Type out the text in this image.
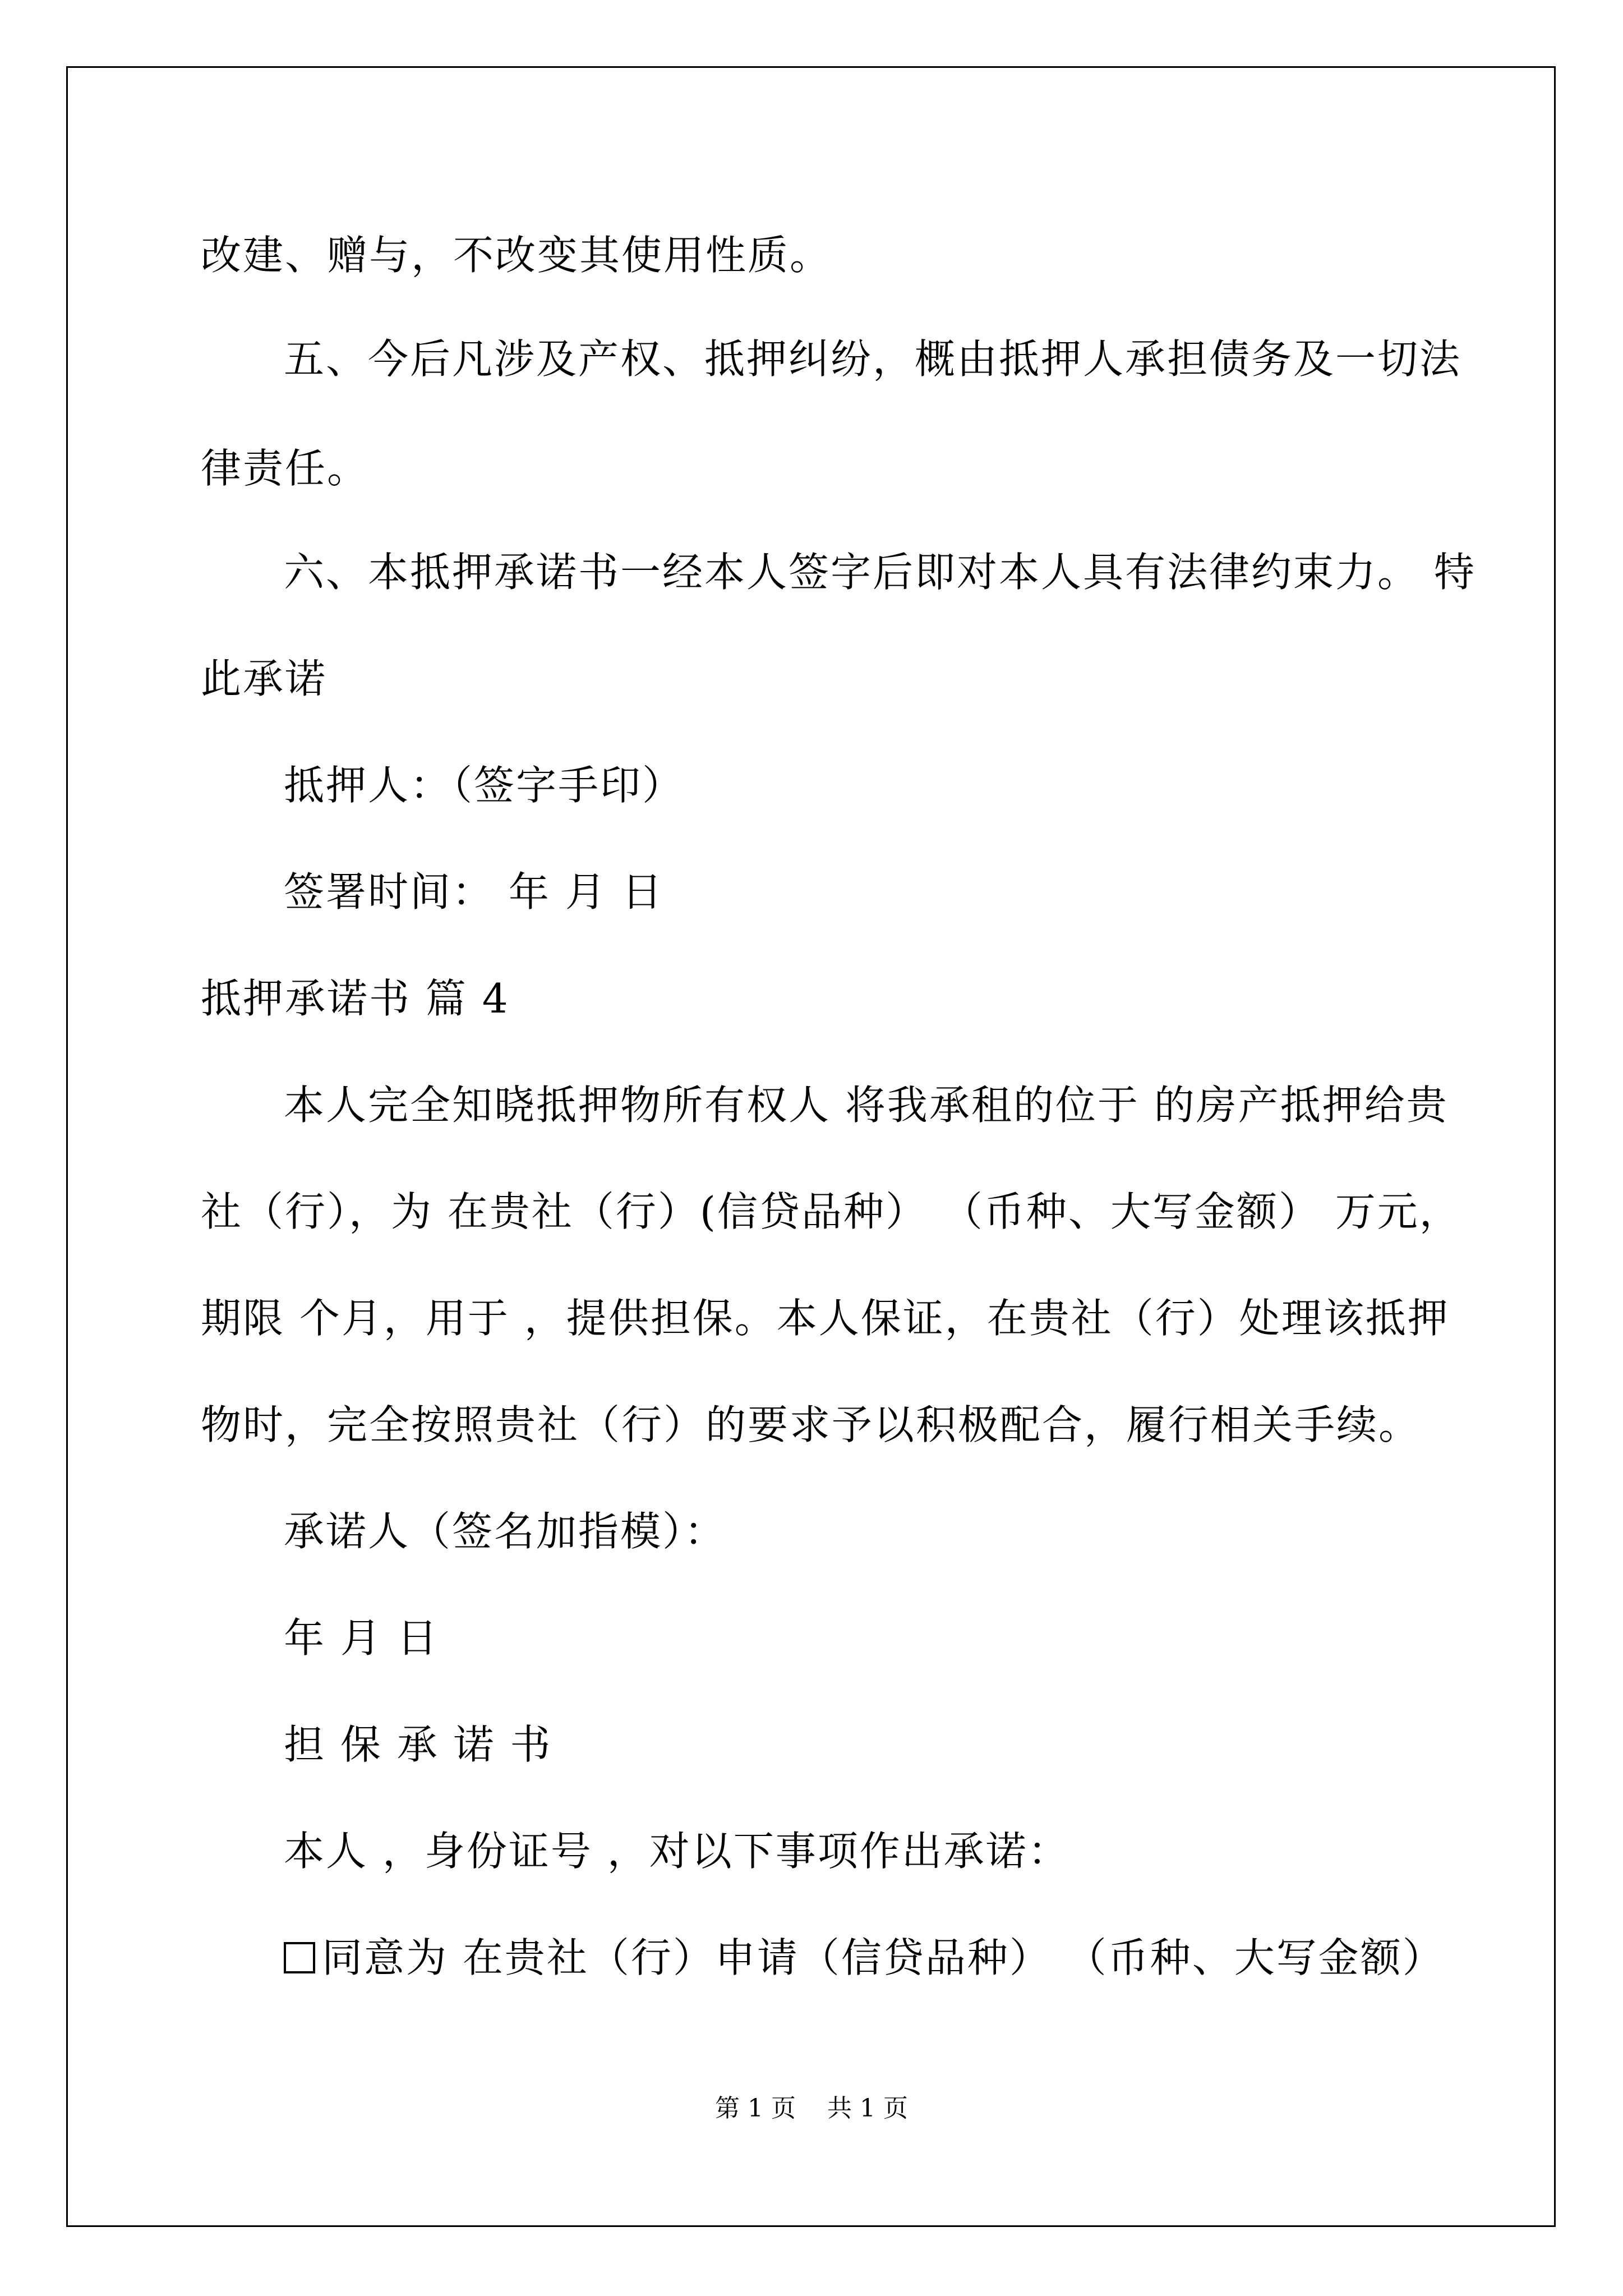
改建、赠与，不改变其使用性质。
五、今后凡涉及产权、抵押纠纷，概由抵押人承担债务及一切法
律责任。
六、本抵押承诺书一经本人签字后即对本人具有法律约束力。 特
此承诺
抵押人：（签字手印）
签署时间： 年 月 日
抵押承诺书 篇 4
本人完全知晓抵押物所有权人 将我承租的位于 的房产抵押给贵
社（行），为 在贵社（行）(信贷品种） （币种、大写金额） 万元，
期限 个月，用于 ，提供担保。本人保证，在贵社（行）处理该抵押
物时，完全按照贵社（行）的要求予以积极配合，履行相关手续。
承诺人（签名加指模）：
年 月 日
担 保 承 诺 书
本人 ，身份证号 ，对以下事项作出承诺：
同意为 在贵社（行）申请（信贷品种） （币种、大写金额）
第 1 页 共 1 页
